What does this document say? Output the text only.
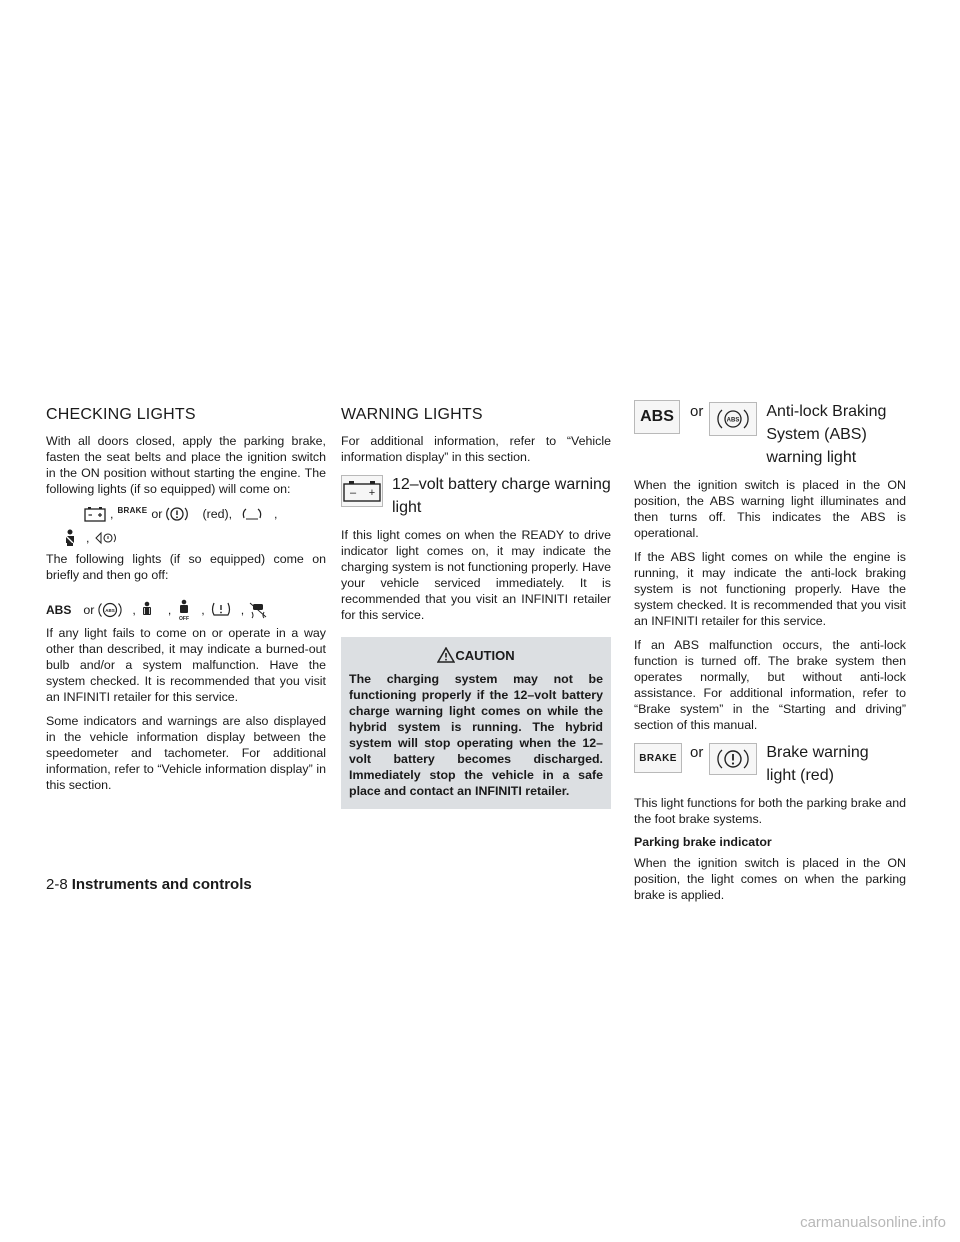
CHECKING LIGHTS

With all doors closed, apply the parking brake, fasten the seat belts and place the ignition switch in the ON position without starting the engine. The following lights (if so equipped) will come on:

, BRAKE or	(red),	,
,

The following lights (if so equipped) come on briefly and then go off:

ABS or ABS ,	,
OFF
,	,

If any light fails to come on or operate in a way other than described, it may indicate a burned-out bulb and/or a system malfunction. Have the system checked. It is recommended that you visit an INFINITI retailer for this service.

Some indicators and warnings are also displayed in the vehicle information display between the speedometer and tachometer. For additional information, refer to “Vehicle information display” in this section.

WARNING LIGHTS

For additional information, refer to “Vehicle information display” in this section.

– + 12–volt battery charge warning light

If this light comes on when the READY to drive indicator light comes on, it may indicate the charging system is not functioning properly. Have your vehicle serviced immediately. It is recommended that you visit an INFINITI retailer for this service.

CAUTION

The charging system may not be functioning properly if the 12–volt battery charge warning light comes on while the hybrid system is running. The hybrid system will stop operating when the 12–volt battery becomes discharged. Immediately stop the vehicle in a safe place and contact an INFINITI retailer.

ABS or
ABS
Anti-lock Braking System (ABS) warning light

When the ignition switch is placed in the ON position, the ABS warning light illuminates and then turns off. This indicates the ABS is operational.

If the ABS light comes on while the engine is running, it may indicate the anti-lock braking system is not functioning properly. Have the system checked. It is recommended that you visit an INFINITI retailer for this service.

If an ABS malfunction occurs, the anti-lock function is turned off. The brake system then operates normally, but without anti-lock assistance. For additional information, refer to “Brake system” in the “Starting and driving” section of this manual.

BRAKE or	Brake warning light (red)

This light functions for both the parking brake and the foot brake systems.

Parking brake indicator

When the ignition switch is placed in the ON position, the light comes on when the parking brake is applied.

2-8 Instruments and controls
carmanualsonline.info
